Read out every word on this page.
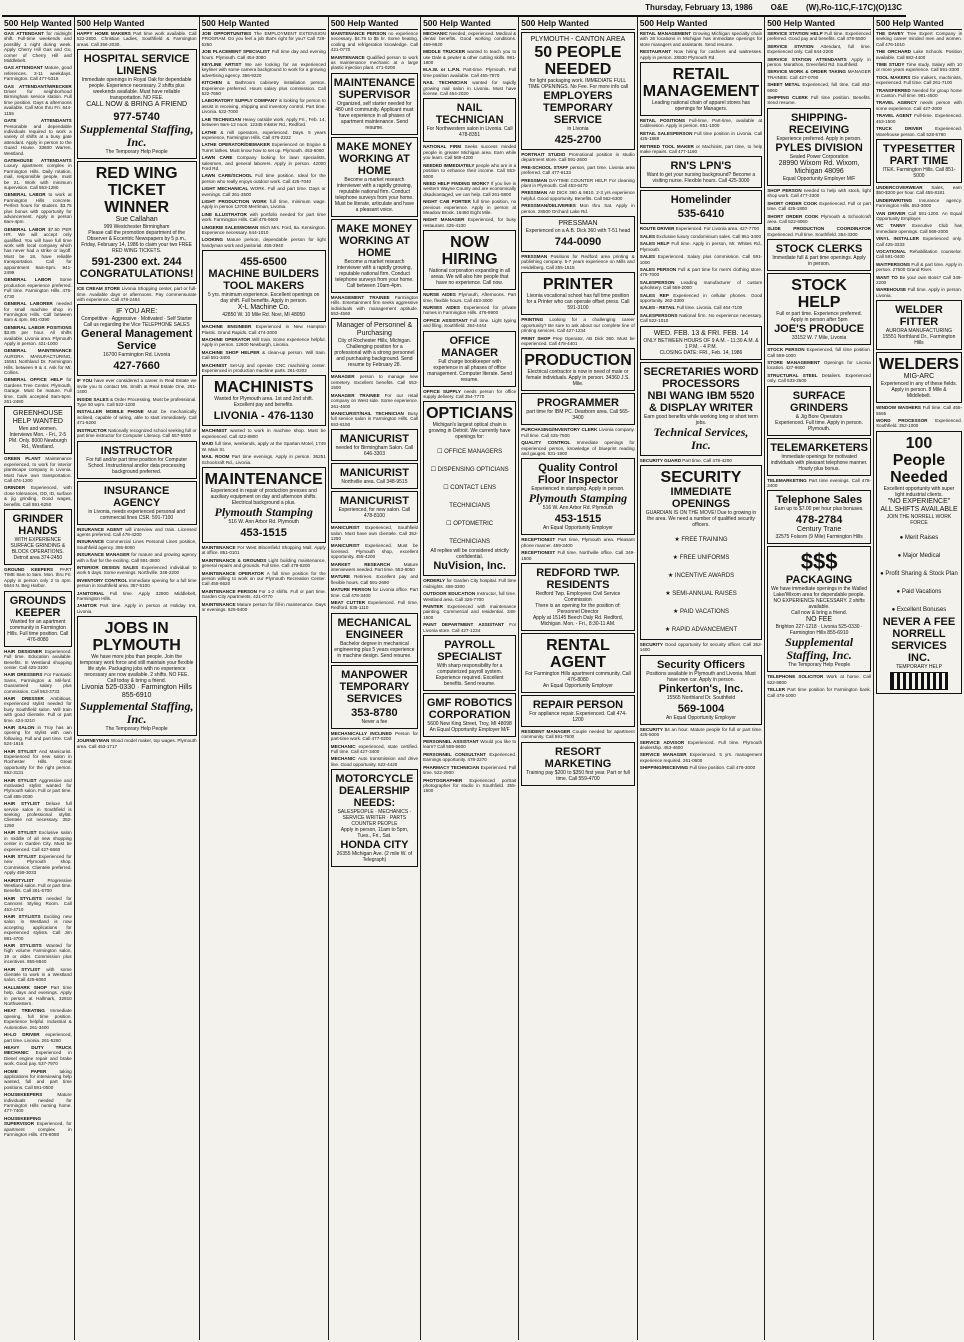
Thursday, February 13, 1986 O&E (W),Ro-11C,F-17C)(O)13C
500 Help Wanted

GAS ATTENDANT for midnight shift. Full-time weekends and possibly 1 night during week. Apply Cherry Hill Gas and Go, corner of Cherry Hill and Middlebelt.

GAS ATTENDANT Mature, good references. 3-11 weekdays. Farmington. Call 477-5318

GAS ATTENDANT/WRECKER Driver for neighborhood Birmingham service station. Full time position. Days & afternoons available. Call Mon thru Fri. 644-1155

GATE ATTENDANTS Personable and dependable individuals required to work a variety of shifts at a busy gate attendant. Apply in person to the Guard House. 33600 Warren, Westland.

GATEHOUSE ATTENDANTS Luxury apartment complex in Farmington Hills. Daily rotation, mail, responsible people, must be 21. Work with minimum supervision. Call 553-1280

GENERAL LABOR to work at Farmington Hills concrete. Perfect hours for student. $3.75 plus bonus with opportunity for advancement. Apply in person 8am-4pm.

GENERAL LABOR $7.50 PER HR. We will accept only qualified. You will have full time work with local company which has never had a strike or layoff. Must be 18, have reliable transportation. Call for appointment 9am-5pm. 941-2499

GENERAL LABOR Some production experience preferred. Full time. Farmington Hills. 476-4730

GENERAL LABORER needed for small machine shop in Farmington Hills. Call between 8am & 4pm. 981-0390

GENERAL LABOR POSITIONS $3.85 per hour. All shifts available. Livonia area. Plymouth Apply in person. 421-1000

GENERAL MAINTENANCE AURORA MANUFACTURING, 15551 Northland Dr. Farmington Hills. between 9 & 4. Ask for Mr. Collins.

GENERAL OFFICE HELP for Gardens Tree Center. Plymouth, Garage. Must be mature. Full time. Calls accepted 9am-5pm. 261-2480

GREENHOUSE HELP WANTED
Men and women. Interviews Mon. - Fri., 2-5 PM. Only. 8000 Newburgh Rd., Westland.

GREEN PLANT Maintenance experienced, to work for interior plantscape company in Livonia. Must have own transportation. Call 474-1200

GRINDER Experienced, with close tolerances, OD, ID, surface & jig grinding. Good wages, benefits. Call 591-6250

GRINDER HANDS
WITH EXPERIENCE SURFACE GRINDING & BLOCK OPERATIONS. Detroit area 374-2450

GROUND KEEPERS PART TIME 8am to 5am. Mon. thru Fri. Apply in person only 2 to 4pm. 5644 N. Beg Harbor.

GROUNDS KEEPER
Wanted for an apartment community in Farmington Hills. Full time position. Call 476-8080

HAIR DESIGNER Experienced. Full time. Education available. Benefits. In Westland shopping center. Call 425-3100

HAIR DRESSERS For Fantastic Sams, Farmington & Mil-ford. Guaranteed salary plus commission. Call 553-3733

HAIR DRESSER Ambitious, experienced stylist needed for busy Southfield salon. Will train with good clientele. Full or part time. 424-3210

HAIR SALON in Troy has an opening for stylist with own following. Full and part time. Call 524-1616

HAIR STYLIST And Manicurist. Experienced for new salon in Rochester Hills. Great opportunity for the right person. 652-3131

HAIR STYLIST Aggressive and motivated stylist wanted for Plymouth salon. Full or part time. Call 455-2030

HAIR STYLIST Deluxe full service salon in Southfield is seeking professional stylist. Clientele not necessary. 352-1250

HAIR STYLIST Exclusive salon in middle of all new shopping center in Garden City. Must be experienced. Call 427-6660

HAIR STYLIST Experienced for new Plymouth shop. Commission. Clientele preferred. Apply 459-3033

HAIRSTYLIST Progressive Westland salon. Full or part time. Benefits. Call 261-5700

HAIR STYLISTS needed for Cannons Styling Room. Call 453-4710

HAIR STYLISTS Exciting new salon in Westland is now accepting applications for experienced stylists. Call Jim 981-4700

HAIR STYLISTS Wanted for high volume Farmington salon, 19 or older. Commission plus incentives. 855-8840

HAIR STYLIST with some clientele to work in a Westland salon. Call 425-6060

HALLMARK SHOP Part time help, days and evenings. Apply in person at Hallmark, 32910 Northwestern.

HEAT TREATING Immediate opening, full time position. Experience helpful. Industrial & Automotive. 261-3400

HI-LO DRIVER experienced, part time. Livonia. 261-5260

HEAVY DUTY TRUCK MECHANIC Experienced in Diesel engine repair and brake work. Good pay. 537-7970

HOME PAPER taking applications for interviewing help wanted, full and part time positions. Call 591-0500

HOUSEKEEPERS Mature individuals needed for Farmington Hills nursing home. 477-7400

HOUSEKEEPING SUPERVISOR Experienced, for apartment complex in Farmington Hills. 476-8080

500 Help Wanted

HAPPY HOME MAKERS Part time work available. Call 522-2800. Christian Ladies, Southfield & Farmington areas. Call 356-2030.

HOSPITAL SERVICE LINENS
Immediate openings in Royal Oak for dependable people. Experience necessary. 2 shifts plus weekends available. Must have reliable transportation. NO FEE.
CALL NOW & BRING A FRIEND
977-5740
Supplemental Staffing, Inc.
The Temporary Help People
RED WING TICKET WINNER
Sue Callahan
999 Westchester Birmingham
Please call the promotion department of the Observer & Eccentric Newspapers by 5 p.m., Friday, February 14, 1986 to claim your two FREE RED WING TICKETS.
591-2300 ext. 244
CONGRATULATIONS!

ICE CREAM STORE Livonia Shopping center, part or full-time. Available days or afternoons. Pay commensurate with experience. Call 478-2484

IF YOU ARE:
Competitive · Aggressive · Motivated · Self Starter
Call us regarding the Vice TELEPHONE SALES
General Management Service
16700 Farmington Rd. Livonia
427-7660

IF YOU have ever considered a career in Real Estate we invite you to contact Ms. Smith at Real Estate One, 261-1400

INSIDE SALES & Order Processing. Must be professional. Type 50 wpm. Call 522-1200

INSTALLER MOBILE PHONE Must be mechanically inclined, capable of wiring, able to start immediately. Call 471-6200

INSTRUCTOR Nationally recognized school seeking full or part time instructor for Computer Literacy. Call 557-5500

INSTRUCTOR
For full and/or part time position for Computer School. Instructional and/or data processing background preferred.
INSURANCE AGENCY
in Livonia, needs experienced personal and commercial lines CSR. 591-7100

INSURANCE AGENT will interview and train. Licensed agents preferred. Call 478-4200

INSURANCE Commercial Lines Personal Lines position, Southfield agency. 355-5000

INSURANCE MANAGER for mature and growing agency with a flair for the exciting. Call 591-3800

INTERIOR DESIGN SALES Experienced individual to work 5 days. Some evenings. Northville. 348-2200

INVENTORY CONTROL Immediate opening for a full time person in Southfield area. 357-5100

JANITORIAL Full time. Apply 32900 Middlebelt, Farmington Hills.

JANITOR Part time. Apply in person at Holiday Inn, Livonia.

JOBS IN PLYMOUTH
We have more jobs than people. Join the temporary work force and still maintain your flexible life style. Packaging jobs with no experience necessary are now available. 2 shifts. NO FEE.
Call today & bring a friend.
Livonia 525-0330 · Farmington Hills 855-6910
Supplemental Staffing, Inc.
The Temporary Help People

JOURNEYMAN Wood model maker, top wages. Plymouth area. Call 453-1717

500 Help Wanted

JOB OPPORTUNITIES The EMPLOYMENT EXTENSION PROGRAM. Do you feel a job that's right for you? Call 729-5250

JOB PLACEMENT SPECIALIST Full time day and evening hours. Plymouth. Call 454-3080

KEYLINE ARTIST We are looking for an experienced keyliner with some camera background to work for a growing advertising agency. 356-9220

KITCHEN & Bathroom cabinetry installation person. Experience preferred. Hours salary plus commission. Call 522-7650

LABORATORY SUPPLY COMPANY is looking for person to assist in receiving, shipping and inventory control. Part time. Livonia. 522-7000

LAB TECHNICIAN Heavy outside work. Apply Fri., Feb. 14, between 9am-12 noon. 12345 Inkster Rd., Redford.

LATHE & mill operators, experienced. Days. 5 years experience, Farmington Hills. Call 476-2222

LATHE OPERATOR/DIEMAKER Experienced on Engine & Turret lathes. Must know how to set up. Plymouth. 453-6060

LAWN CARE Company looking for lawn specialists, salesmen, and general laborers. Apply in person. 42000 Ford Rd.

LAWN CARE/SCHOOL Full time position. Ideal for the person who really enjoys outdoor work. Call 425-7040

LIGHT MECHANICAL WORK. Full and part time. Days or evenings. Call 261-3500

LIGHT PRODUCTION WORK full time, minimum wage. Apply in person 13700 Merriman, Livonia.

LINE ILLUSTRATOR with portfolio needed for part time work. Farmington Hills. Call 476-0600

LINGERIE SALESWOMAN Wich Mrs. Ford, 8a. Kensington. Experience necessary. 644-1010

LOOKING Mature person, dependable person for light handyman work and janitorial. 455-2940

455-6500
MACHINE BUILDERS TOOL MAKERS
5 yrs. minimum experience. Excellent openings on day shift. Full benefits. Apply in person.
X-L Machine Co.
42850 W. 10 Mile Rd. Novi, MI 48050

MACHINE ENGINEER Experienced in New Hampton Plastic. Grand Rapids. Call 474-3000

MACHINE OPERATOR Will train. Some experience helpful. Apply in person. 12600 Newburgh, Livonia.

MACHINE SHOP HELPER & clean-up person. Will train. Call 591-3400

MACHINIST Set-Up and operate CNC machining center. Experienced in production machine parts. 261-0202

MACHINISTS
Wanted for Plymouth area. 1st and 2nd shift. Excellent pay and benefits.
LIVONIA - 476-1130

MACHINIST wanted to work in machine shop. Must be experienced. Call 422-8800

MAID full time, weekends, apply at the Spartan Motel, 1749 W. Main St.

MAIL ROOM Part time evenings. Apply in person. 36251 Schoolcraft Rd., Livonia.

MAINTENANCE
Experienced in repair of production presses and auxiliary equipment on day and afternoon shifts. Electrical background a plus.
Plymouth Stamping
516 W. Ann Arbor Rd. Plymouth
453-1515

MAINTENANCE For West Bloomfield Shopping Mall. Apply at office. 851-0101

MAINTENANCE & GROUNDS Light building maintenance, general repairs and grounds. Full time. Call 478-8200

MAINTENANCE OPERATOR A full time position for the person willing to work on our Plymouth Recreation Center. Call 455-6620

MAINTENANCE PERSON For 1-2 shifts. Full or part time. Garden City Apartments. 421-0770

MAINTENANCE Mature person for fill-in maintenance. Days or evenings. 626-9400

500 Help Wanted

MAINTENANCE PERSON no experience necessary. $4.75 to $5 hr. Some heating, cooling and refrigeration knowledge. Call 421-0770

MAINTENANCE Qualified person to work as maintenance mechanic at a large plastic injection plant. 471-0200

MAINTENANCE SUPERVISOR
Organized, self starter needed for 480 unit community. Applicant must have experience in all phases of apartment maintenance. Send resume.
MAKE MONEY WORKING AT HOME
Become a market research interviewer with a rapidly growing, reputable national firm. Conduct telephone surveys from your home. Must be literate, articulate and have a pleasant voice.
MAKE MONEY WORKING AT HOME
Become a market research interviewer with a rapidly growing, reputable national firm. Conduct telephone surveys from your home. Call between 10am-4pm.

MANAGEMENT TRAINEE Farmington Hills. Entertainment firm seeks aggressive individuals with management aptitude. 553-4560

Manager of Personnel & Purchasing
City of Rochester Hills, Michigan. Challenging position for a professional with a strong personnel and purchasing background. Send resume by February 28.

MANAGER person to manage new cemetery. Excellent benefits. Call 553-1500

MANAGER TRAINEE For our retail company on West side. Some experience. 261-4600

MANICURIST/NAIL TECHNICIAN Busy full service salon in Farmington Hills. Call 553-8150

MANICURIST
needed for Birmingham Salon. Call 646-3303
MANICURIST
Northville area. Call 348-9515
MANICURIST
Experienced, for new salon. Call 478-8100

MANICURIST Experienced, Southfield salon. Must have own clientele. Call 352-1250

MANICURIST Experienced. Must be licensed. Plymouth shop, excellent opportunity. 455-4200

MARKET RESEARCH Mature interviewers needed. Part time. 553-8050

MATURE Retirees. Excellent pay and flexible hours. Call 591-2690

MATURE PERSON for Livonia office. Part time. Call 478-3400

MEAT CUTTER Experienced. Full time, Redford. 535-1110

MECHANICAL ENGINEER
Bachelor degree in mechanical engineering plus 5 years experience in machine design. Send resume.
MANPOWER TEMPORARY SERVICES
353-8780
Never a fee

MECHANICALLY INCLINED Person for part-time work. Call 477-0200

MECHANIC experienced, state certified. Full time. Call 427-3400

MECHANIC Auto transmission and drive line. Good opportunity. 522-4420

MOTORCYCLE DEALERSHIP NEEDS:
SALESPEOPLE · MECHANICS · SERVICE WRITER · PARTS COUNTER PEOPLE
Apply in person, 11am to 5pm, Tues., Fri., Sat.
HONDA CITY
26355 Michigan Ave. (2 mile W. of Telegraph)
500 Help Wanted

MECHANIC Needed, experienced. Medical & dental benefits. Good working conditions. 459-6620

MIDDLE TRUCKER wanted to teach you to use Dale & pewter & other cutting skills. 981-1800

M.A.W. or L.P.N. Part-time. Plymouth. Full time position available. Call 455-7870

NAIL TECHNICIAN wanted for rapidly growing nail salon in Livonia. Must have license. Call 464-2020

NAIL TECHNICIAN
For Northwestern salon in Livonia. Call 478-8351

NATIONAL FIRM Seeks success minded people in greater Michigan area. Earn while you learn. Call 569-4200

NEEDED IMMEDIATELY people who are in a position to enhance their income. Call 553-5000

NEED HELP FINDING WORK? If you live in western Wayne County and are economically disadvantaged, we can help. Call 261-5800

NIGHT CAB PORTER full time position, no previous experience. Apply in person at Meadow Brook. 16460 Eight Mile.

NIGHT MANAGER Experienced, for busy restaurant. 425-4100

NOW HIRING
National corporation expanding in all areas. We will also hire people that have no experience. Call now.

NURSE AIDES Plymouth, Afternoons. Part time, flexible hours. Call 453-3000

NURSES AIDES Experienced for private homes in Farmington Hills. 476-9900

OFFICE ASSISTANT Full time. Light typing and filing. Southfield. 354-4444

OFFICE MANAGER
Full charge bookkeeper with experience in all phases of office management. Computer literate. Send resume.

OFFICE SUPPLY needs person for office supply delivery. Call 354-7770

OPTICIANS
Michigan's largest optical chain is growing in Detroit. We currently have openings for:
☐ OFFICE MANAGERS
☐ DISPENSING OPTICIANS
☐ CONTACT LENS TECHNICIANS
☐ OPTOMETRIC TECHNICIANS
All replies will be considered strictly confidential.
NuVision, Inc.

ORDERLY for Garden City hospital. Full time midnights. 458-3300

OUTDOOR EDUCATION Instructor, full time. Westland area. Call 326-7700

PAINTER Experienced with maintenance painting. Commercial and residential. 348-1500

PAINT DEPARTMENT ASSISTANT For Livonia store. Call 427-1234

PAYROLL SPECIALIST
With sharp responsibility for a computerized payroll system. Experience required. Excellent benefits. Send resume.
GMF ROBOTICS CORPORATION
5600 New King Street, Troy, MI 48098
An Equal Opportunity Employer M/F

PERSONNEL ASSISTANT Would you like to learn? Call 559-5600

PERSONNEL CONSULTANT Experienced. Earnings opportunity. 478-2270

PHARMACY TECHNICIAN Experienced. Full time. 522-2900

PHOTOGRAPHER Experienced portrait photographer for studio in Southfield. 355-1500

500 Help Wanted
PLYMOUTH - CANTON AREA
50 PEOPLE NEEDED
for light packaging work. IMMEDIATE FULL TIME OPENINGS. No Fee. For more info call
EMPLOYERS TEMPORARY SERVICE
in Livonia
425-2700

PORTRAIT STUDIO Promotional position in studio department store. Call 591-2600

PRE-SCHOOL STAFF person, part time. Livonia area preferred. Call 477-6133

PRESSMAN DAYTIME COUNTER HELP. For cleaning plant in Plymouth. Call 453-6470

PRESSMAN AB DICK 360 & 9810. 2-3 yrs experience helpful. Good opportunity. Benefits. Call 562-6300

PRESSMAN/DELIVERIES Mon thru Sat. Apply in person. 28500 Orchard Lake Rd.

PRESSMAN
Experienced on a A.B. Dick 360 with T-51 head
744-0090

PRESSMAN Positions for Redford area printing & publishing company. 5-7 years experience on Mills and Heidelberg. Call 255-1515

PRINTER
Livonia vocational school has full time position for a Printer who can operate offset press. Call 591-3100

PRINTING Looking for a challenging career opportunity? Be sure to ask about our complete line of printing services. Call 427-1234

PRINT SHOP Prep Operator, AB Dick 360. Must be experienced. Call 478-4401

PRODUCTION
Electrical contractor is now in need of male or female individuals. Apply in person. 34360 J.S. Mile.
PROGRAMMER
part time for IBM PC. Dearborn area. Call 565-3400

PURCHASING/INVENTORY CLERK Livonia company. Full time. Call 425-7500

QUALITY CONTROL Immediate openings for experienced person, knowledge of blueprint reading and gauges. 531-1900

Quality Control Floor Inspector
Experienced in stamping. Apply in person.
Plymouth Stamping
516 W. Ann Arbor Rd. Plymouth
453-1515
An Equal Opportunity Employer

RECEPTIONIST Part time, Plymouth area. Pleasant phone manner. 459-3400

RECEPTIONIST Full time. Northville office. Call 349-1500

REDFORD TWP. RESIDENTS
Redford Twp. Employees Civil Service Commission
There is an opening for the position of: Personnel Director
Apply at 15145 Beech Daly Rd. Redford, Michigan. Mon. - Fri., 8:30-11 AM.
RENTAL AGENT
For Farmington Hills apartment community. Call 476-8080
An Equal Opportunity Employer
REPAIR PERSON
For appliance repair. Experienced. Call 474-1200

RESIDENT MANAGER Couple needed for apartment community. Call 591-7500

RESORT MARKETING
Training pay $200 to $350 first year. Part or full time. Call 559-4700
500 Help Wanted

RETAIL MANAGEMENT Growing Michigan specialty chain with 26 locations in Michigan has immediate openings for store managers and assistants. Send resume.

RESTAURANT Now hiring for cashiers and waitresses. Apply in person. 28830 Plymouth Rd.

RETAIL MANAGEMENT
Leading national chain of apparel stores has openings for Managers.

RETAIL POSITIONS Full-time, Part-time, available at Cablevision. Apply in person. 851-1000

RETAIL SALESPERSON Full time position in Livonia. Call 425-1888

RETIRED TOOL MAKER or Machinist, part time, to help make repairs. Call 477-1160

RN'S LPN'S
Want to get your nursing background? Become a visiting nurse. Flexible hours. Call 425-3000
Homelinder
535-6410

ROUTE DRIVER Experienced. For Livonia area. 427-7700

SALES Exclusive luxury condominium sales. Call 851-3400

SALES HELP Full time. Apply in person, Mr. Whites Rd., Plymouth.

SALES Experienced. Salary plus commission. Call 591-1000

SALES PERSON Full & part time for men's clothing store. 478-7000

SALESPERSON Leading manufacturer of custom upholstery. Call 559-2000

SALES REP Experienced in cellular phones. Good opportunity. 262-3300

SALES - RETAIL Full time. Livonia. Call 464-7100

SALESPERSONS National firm. No experience necessary. Call 522-1010

WED. FEB. 13 & FRI. FEB. 14
ONLY BETWEEN HOURS OF 9 A.M. - 11:30 A.M. & 1 P.M. - 4 P.M.
CLOSING DATE: FRI., Feb. 14, 1986
SECRETARIES WORD PROCESSORS
NBI WANG IBM 5520 & DISPLAY WRITER
Earn good benefits while working long or short term jobs.
Technical Services, Inc.

SECURITY GUARD Part time. Call 478-4200

SECURITY
IMMEDIATE OPENINGS
GUARDIAN IS ON THE MOVE! Due to growing in the area. We need a number of qualified security officers.
★ FREE TRAINING
★ FREE UNIFORMS
★ INCENTIVE AWARDS
★ SEMI-ANNUAL RAISES
★ PAID VACATIONS
★ RAPID ADVANCEMENT

SECURITY Good opportunity for security officer. Call 352-1400

Security Officers
Positions available in Plymouth and Livonia. Must have own car. Apply in person.
Pinkerton's, Inc.
15565 Northland Dr. Southfield
569-1004
An Equal Opportunity Employer

SECURITY $4 an hour. Mature people for full or part time. 425-5000

SERVICE ADVISOR Experienced. Full time. Plymouth dealership. 453-4600

SERVICE MANAGER Experienced. 5 yrs. management experience required. 261-0600

SHIPPING/RECEIVING Full time position. Call 478-3000

500 Help Wanted

SERVICE STATION HELP Full time. Experienced preferred. Good pay and benefits. Call 478-5500

SERVICE STATION Attendant, full time. Experienced only. Call 644-2200

SERVICE STATION ATTENDANTS Apply in person. Marathon, Greenfield Rd. Southfield.

SERVICE WORK & ORDER TAKING MANAGER TRAINEE. Call 427-0790

SHEET METAL Experienced, full time. Call 453-6060

SHIPPING CLERK Full time position. Benefits. Send resume.

SHIPPING-RECEIVING
Experience preferred. Apply in person.
PYLES DIVISION
Sealed Power Corporation
28990 Wixom Rd. Wixom, Michigan 48096
Equal Opportunity Employer M/F

SHOP PERSON needed to help with stock, light shop work. Call 477-3300

SHORT ORDER COOK Experienced. Full or part time. Call 425-1800

SHORT ORDER COOK Plymouth & Schoolcraft area. Call 522-6060

SLIDE PRODUCTION COORDINATOR Experienced. Full time. Southfield. 354-3300

STOCK CLERKS
Immediate full & part time openings. Apply in person.
STOCK HELP
Full or part time. Experience preferred. Apply in person after 5pm
JOE'S PRODUCE
33152 W. 7 Mile, Livonia

STOCK PERSON Experienced, full time position. Call 559-1000

STORE MANAGEMENT Openings for Livonia location. 427-9600

STRUCTURAL STEEL Detailers. Experienced only. Call 533-2500

SURFACE GRINDERS
& Jig Bore Operators
Experienced. Full time. Apply in person. Plymouth.
TELEMARKETERS
Immediate openings for motivated individuals with pleasant telephone manner. Hourly plus bonus.

TELEMARKETING Part time evenings. Call 478-2400

Telephone Sales
Earn up to $7.00 per hour plus bonuses.
478-2784
Century Trane
32575 Folsom (9 Mile) Farmington Hills
$$$
PACKAGING
We have immediate openings in the Walled Lake/Wixom area for dependable people. NO EXPERIENCE NECESSARY. 2 shifts available.
Call now & bring a friend.
NO FEE
Brighton 227-1218 · Livonia 525-0330 · Farmington Hills 855-6910
Supplemental Staffing, Inc.
The Temporary Help People

TELEPHONE SOLICITOR Work at home. Call 522-8800

TELLER Part time position for Farmington bank. Call 478-1000

500 Help Wanted

THE DAVEY Tree Expert Company is seeking career minded men and women. Call 476-1010

THE ORCHARD Lake Schools. Position available. Call 682-4400

TIME STUDY Time study. Salary with 10 or more years experience. Call 591-3300

TOOL MAKERS Die makers, machinists, experienced. Full time. Call 261-7100

TRANSFERRED Needed for group home in Canton. Full time. 981-4500

TRAVEL AGENCY needs person with some experience. Call 427-3000

TRAVEL AGENT Full-time. Experienced. 453-1500

TRUCK DRIVER Experienced. Warehouse person. Call 528-5780

TYPESETTER PART TIME
ITEK. Farmington Hills. Call 851-5000

UNDERCOVERWEAR Sales, earn $50-$200 per hour. Call 455-8181

UNDERWRITING Insurance agency. Farmington Hills. 553-3000

VAN DRIVER Call 591-1200. An Equal Opportunity Employer.

VIC TANNY Executive Club has immediate openings. Call 569-2000

VINYL INSTALLER Experienced only. Call 425-3333

VOCATIONAL Rehabilitation counselor. Call 591-0400

WAITPERSONS Full & part time. Apply in person. 27500 Grand River.

WANT TO Be your own Boss? Call 349-2200

WAREHOUSE Full time. Apply in person. Livonia.

WELDER FITTER
AURORA MANUFACTURING
15551 Northland Dr., Farmington Hills
WELDERS
MIG-ARC
Experienced in any of these fields. Apply in person. 8 Mile & Middlebelt.

WINDOW WASHERS Full time. Call 455-5555

WORD PROCESSOR Experienced. Southfield. 352-1000

100 People Needed
Excellent opportunity with super light industrial clients.
"NO EXPERIENCE"
ALL SHIFTS AVAILABLE
JOIN THE NORRELL WORK FORCE
● Merit Raises
● Major Medical
● Profit Sharing & Stock Plan
● Paid Vacations
● Excellent Bonuses
NEVER A FEE
NORRELL SERVICES INC.
TEMPORARY HELP
